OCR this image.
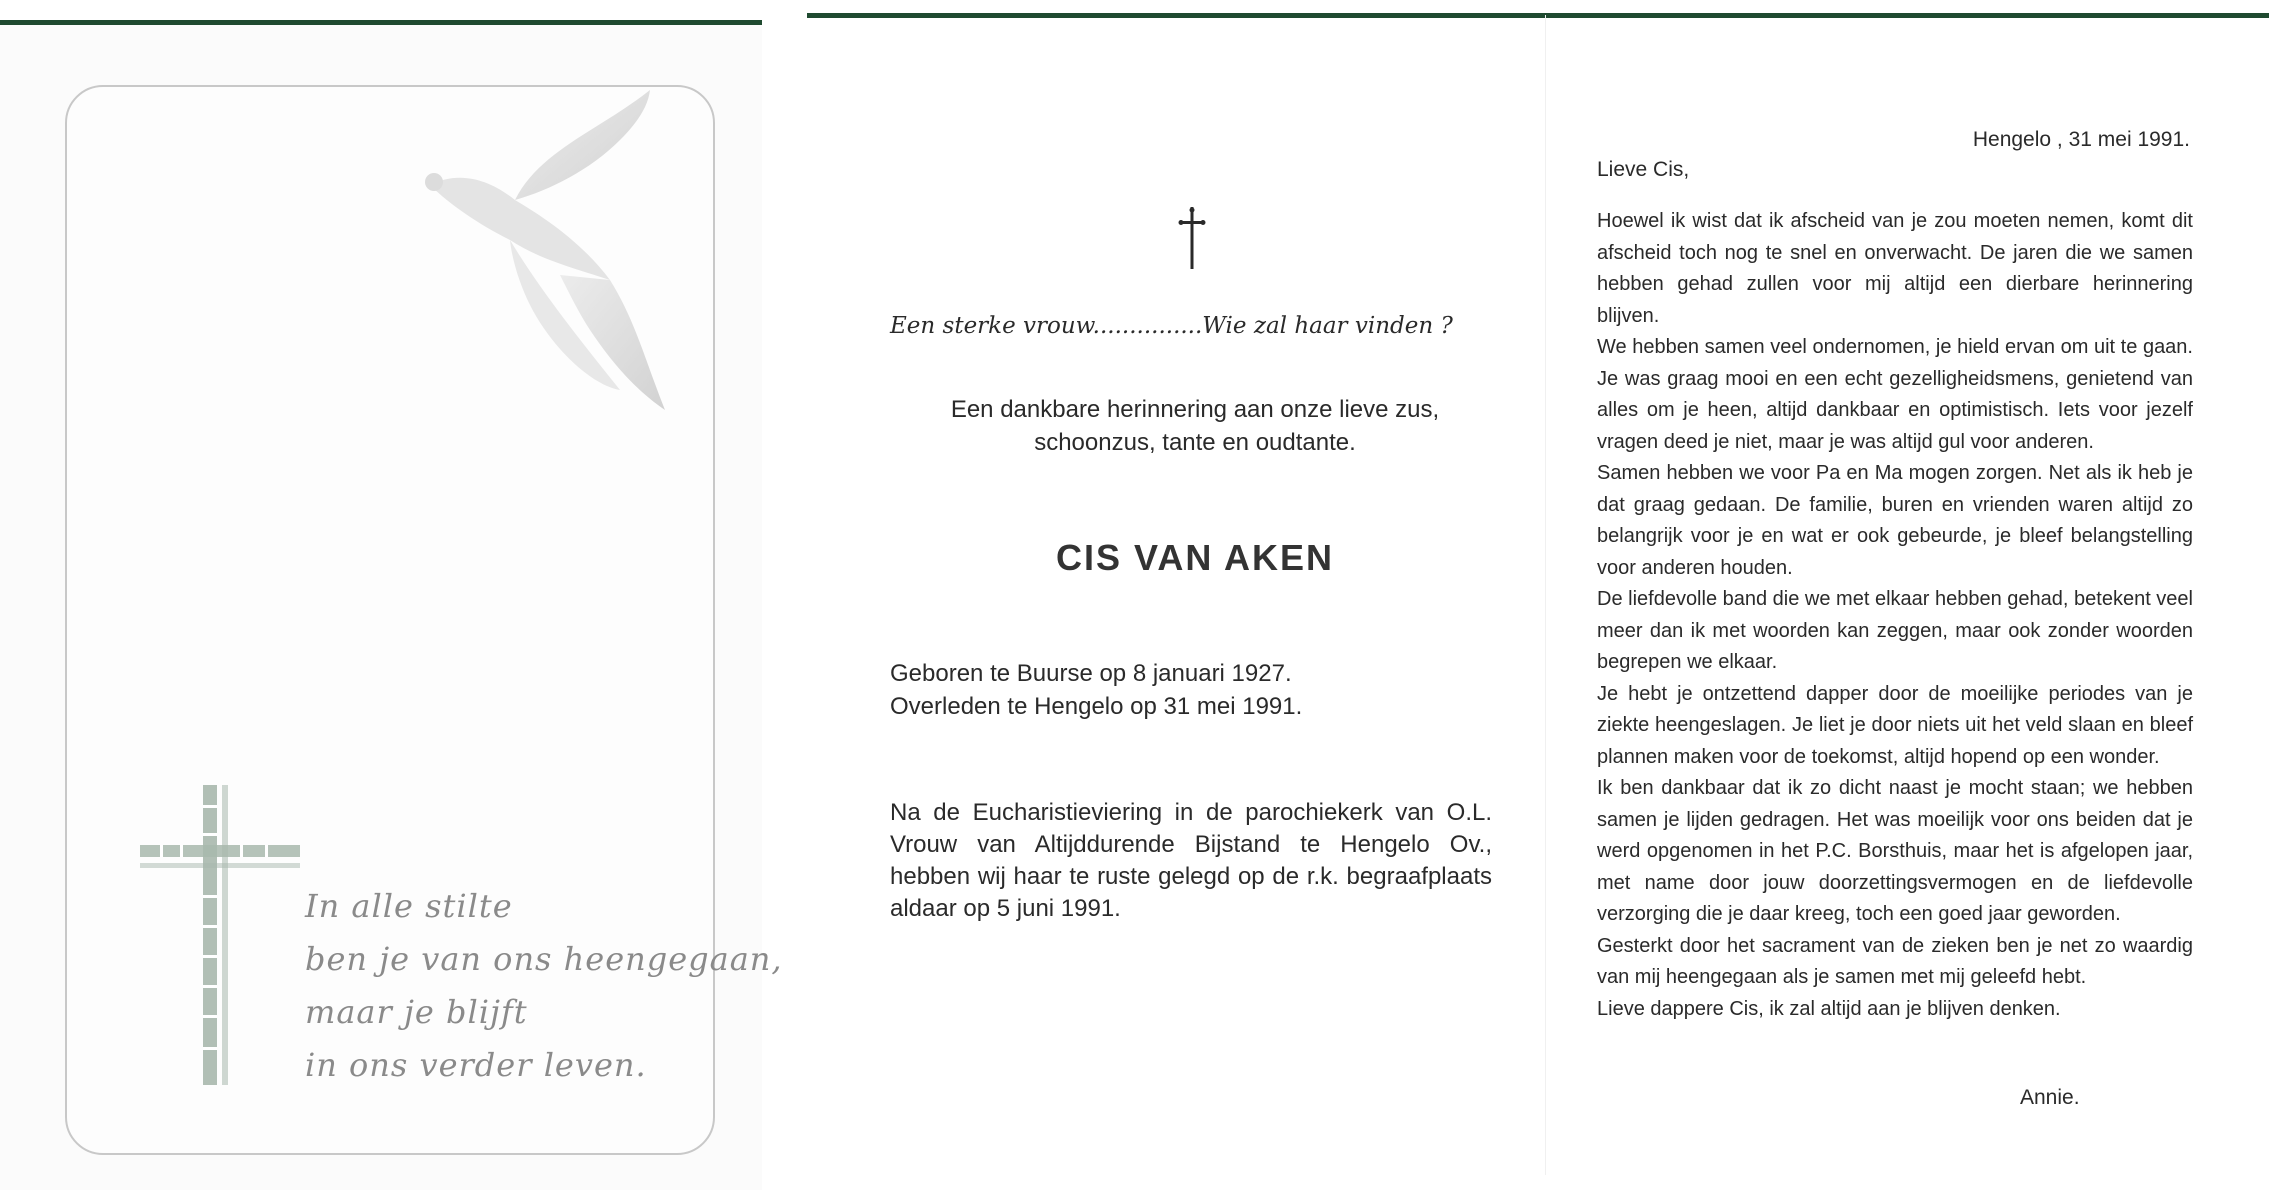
In alle stilte
ben je van ons heengegaan,
maar je blijft
in ons verder leven.
Een sterke vrouw...............Wie zal haar vinden ?
Een dankbare herinnering aan onze lieve zus,
schoonzus, tante en oudtante.
CIS VAN AKEN
Geboren te Buurse op 8 januari 1927.
Overleden te Hengelo op 31 mei 1991.
Na de Eucharistieviering in de parochiekerk van O.L. Vrouw van Altijddurende Bijstand te Hengelo Ov., hebben wij haar te ruste gelegd op de r.k. begraafplaats aldaar op 5 juni 1991.
Hengelo , 31 mei 1991.
Lieve Cis,

Hoewel ik wist dat ik afscheid van je zou moeten nemen, komt dit afscheid toch nog te snel en onverwacht. De jaren die we samen hebben gehad zullen voor mij altijd een dierbare herinnering blijven.

We hebben samen veel ondernomen, je hield ervan om uit te gaan. Je was graag mooi en een echt gezelligheidsmens, genietend van alles om je heen, altijd dankbaar en optimistisch. Iets voor jezelf vragen deed je niet, maar je was altijd gul voor anderen.

Samen hebben we voor Pa en Ma mogen zorgen. Net als ik heb je dat graag gedaan. De familie, buren en vrienden waren altijd zo belangrijk voor je en wat er ook gebeurde, je bleef belangstelling voor anderen houden.

De liefdevolle band die we met elkaar hebben gehad, betekent veel meer dan ik met woorden kan zeggen, maar ook zonder woorden begrepen we elkaar.

Je hebt je ontzettend dapper door de moeilijke periodes van je ziekte heengeslagen. Je liet je door niets uit het veld slaan en bleef plannen maken voor de toekomst, altijd hopend op een wonder.

Ik ben dankbaar dat ik zo dicht naast je mocht staan; we hebben samen je lijden gedragen. Het was moeilijk voor ons beiden dat je werd opgenomen in het P.C. Borsthuis, maar het is afgelopen jaar, met name door jouw doorzettingsvermogen en de liefdevolle verzorging die je daar kreeg, toch een goed jaar geworden.

Gesterkt door het sacrament van de zieken ben je net zo waardig van mij heengegaan als je samen met mij geleefd hebt.

Lieve dappere Cis, ik zal altijd aan je blijven denken.

Annie.
